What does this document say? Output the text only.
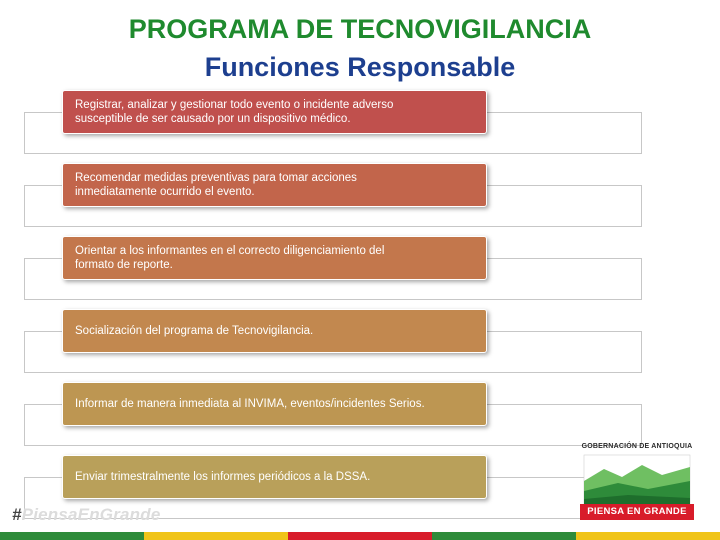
PROGRAMA DE TECNOVIGILANCIA
Funciones Responsable
Registrar, analizar y gestionar todo evento o incidente adverso
susceptible de ser causado por un dispositivo médico.
Recomendar medidas preventivas para tomar acciones
inmediatamente ocurrido el evento.
Orientar a los informantes en el correcto diligenciamiento del
formato de reporte.
Socialización del programa de Tecnovigilancia.
Informar de manera inmediata al INVIMA, eventos/incidentes Serios.
Enviar trimestralmente los informes periódicos a la DSSA.
#PiensaEnGrande
GOBERNACIÓN DE ANTIOQUIA
PIENSA EN GRANDE
